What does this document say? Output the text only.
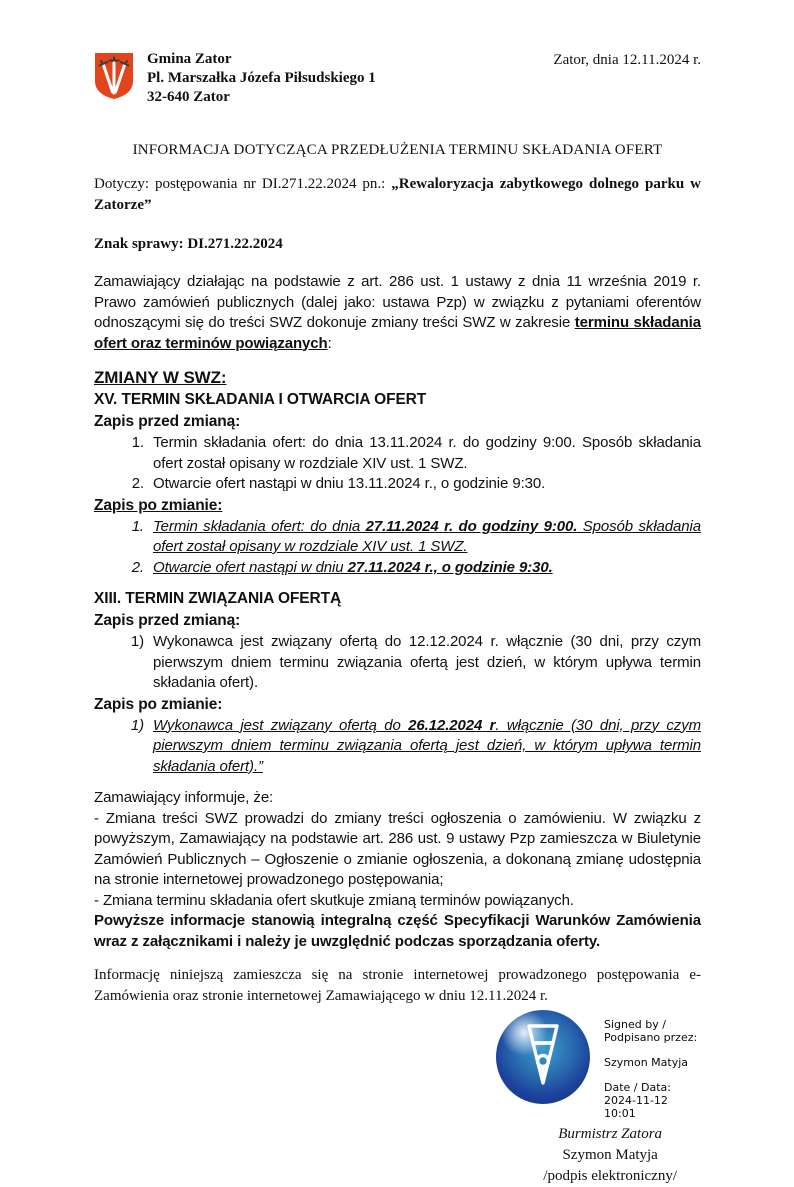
Gmina Zator
Pl. Marszałka Józefa Piłsudskiego 1
32-640 Zator
Zator, dnia 12.11.2024 r.
INFORMACJA DOTYCZĄCA PRZEDŁUŻENIA TERMINU SKŁADANIA OFERT
Dotyczy: postępowania nr DI.271.22.2024 pn.: „Rewaloryzacja zabytkowego dolnego parku w Zatorze”
Znak sprawy: DI.271.22.2024
Zamawiający działając na podstawie z art. 286 ust. 1 ustawy z dnia 11 września 2019 r. Prawo zamówień publicznych (dalej jako: ustawa Pzp) w związku z pytaniami oferentów odnoszącymi się do treści SWZ dokonuje zmiany treści SWZ w zakresie terminu składania ofert oraz terminów powiązanych:
ZMIANY W SWZ:
XV. TERMIN SKŁADANIA I OTWARCIA OFERT
Zapis przed zmianą:
1. Termin składania ofert: do dnia 13.11.2024 r. do godziny 9:00. Sposób składania ofert został opisany w rozdziale XIV ust. 1 SWZ.
2. Otwarcie ofert nastąpi w dniu 13.11.2024 r., o godzinie 9:30.
Zapis po zmianie:
1. Termin składania ofert: do dnia 27.11.2024 r. do godziny 9:00. Sposób składania ofert został opisany w rozdziale XIV ust. 1 SWZ.
2. Otwarcie ofert nastąpi w dniu 27.11.2024 r., o godzinie 9:30.
XIII. TERMIN ZWIĄZANIA OFERTĄ
Zapis przed zmianą:
1) Wykonawca jest związany ofertą do 12.12.2024 r. włącznie (30 dni, przy czym pierwszym dniem terminu związania ofertą jest dzień, w którym upływa termin składania ofert).
Zapis po zmianie:
1) Wykonawca jest związany ofertą do 26.12.2024 r. włącznie (30 dni, przy czym pierwszym dniem terminu związania ofertą jest dzień, w którym upływa termin składania ofert).”
Zamawiający informuje, że:
- Zmiana treści SWZ prowadzi do zmiany treści ogłoszenia o zamówieniu. W związku z powyższym, Zamawiający na podstawie art. 286 ust. 9 ustawy Pzp zamieszcza w Biuletynie Zamówień Publicznych – Ogłoszenie o zmianie ogłoszenia, a dokonaną zmianę udostępnia na stronie internetowej prowadzonego postępowania;
- Zmiana terminu składania ofert skutkuje zmianą terminów powiązanych.
Powyższe informacje stanowią integralną część Specyfikacji Warunków Zamówienia wraz z załącznikami i należy je uwzględnić podczas sporządzania oferty.
Informację niniejszą zamieszcza się na stronie internetowej prowadzonego postępowania e-Zamówienia oraz stronie internetowej Zamawiającego w dniu 12.11.2024 r.
Signed by /
Podpisano przez:
Szymon Matyja
Date / Data:
2024-11-12
10:01
Burmistrz Zatora
Szymon Matyja
/podpis elektroniczny/
